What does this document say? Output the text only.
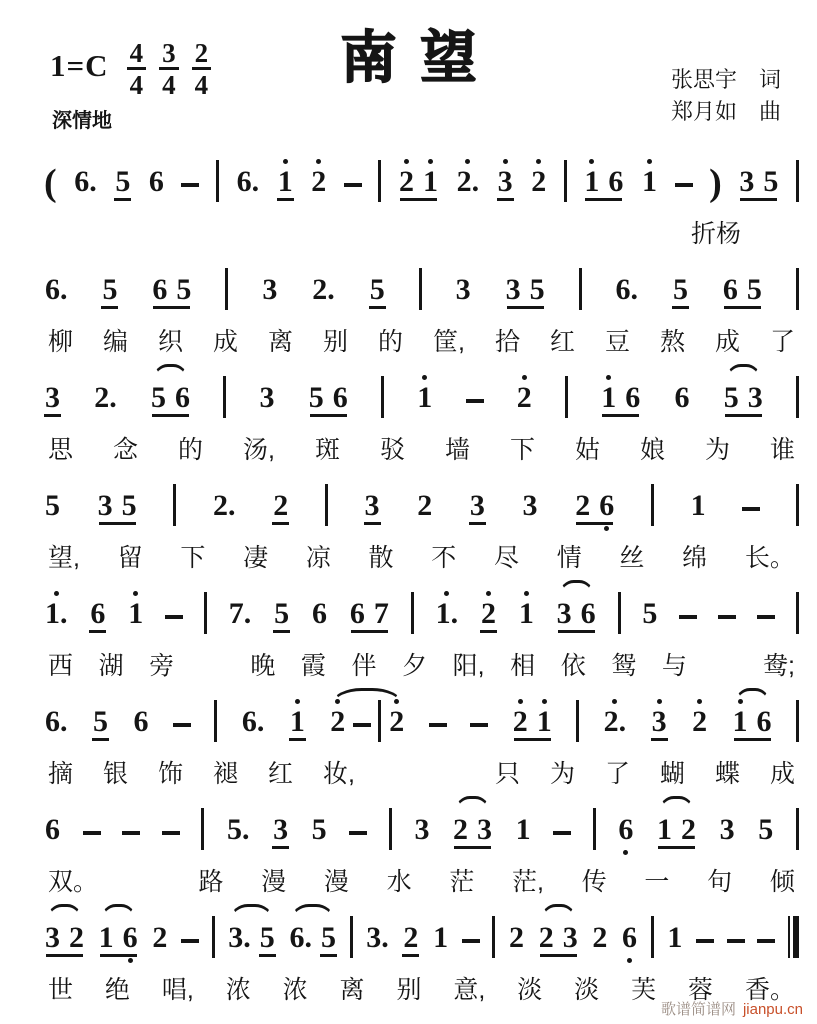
南望
$1=C \frac{4}{4} \frac{3}{4} \frac{2}{4}$	张思宇　词
郑月如　曲
深情地
( 6. 5 6 6. 1 2 2 1 2. 3 2 1 6 1 ) 3 5
折杨
6. 5 6 5 3 2. 5 3 3 5 6. 5 6 5
柳 编 织 成 离 别 的 筐, 拾 红 豆 熬 成 了
3 2. 5 6 3 5 6 1	2 1 6 6 5 3
思 念 的 汤, 斑 驳 墙 下 姑 娘 为 谁
5 3 5	2. 2	3 2 3 3 2 6	1
望, 留 下 凄 凉 散 不 尽 情 丝 绵 长。
1. 6 1	7. 5 6 6 7 1. 2 1 3 6 5
西 湖 旁
　	晚 霞 伴 夕 阳, 相 依 鸳 与
　	鸯;
6. 5 6	6. 1 2 2	2 1 2. 3 2 1 6
摘 银 饰 褪 红 妆,

　	只 为 了 蝴 蝶 成
6	5. 3 5	3 2 3 1	6 1 2 3 5
双。
　	路 漫 漫 水 茫 茫, 传 一 句 倾
3 2 1 6 2 3. 5 6. 5 3. 2 1 2 2 3 2 6 1
世 绝 唱, 浓 浓 离 别 意, 淡 淡 芙 蓉 香。
歌谱简谱网 jianpu.cn
